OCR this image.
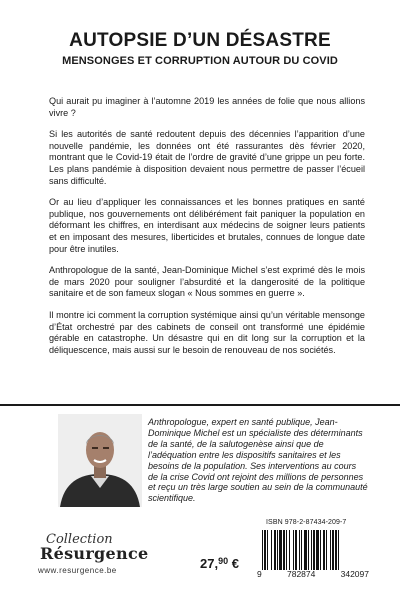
AUTOPSIE D’UN DÉSASTRE
MENSONGES ET CORRUPTION AUTOUR DU COVID

Qui aurait pu imaginer à l’automne 2019 les années de folie que nous allions vivre ?

Si les autorités de santé redoutent depuis des décennies l’apparition d’une nouvelle pandémie, les données ont été rassurantes dès février 2020, montrant que le Covid-19 était de l’ordre de gravité d’une grippe un peu forte. Les plans pandémie à disposition devaient nous permettre de passer l’écueil sans difficulté.

Or au lieu d’appliquer les connaissances et les bonnes pratiques en santé publique, nos gouvernements ont délibérément fait paniquer la population en déformant les chiffres, en interdisant aux médecins de soigner leurs patients et en imposant des mesures, liberticides et brutales, connues de longue date pour être inutiles.

Anthropologue de la santé, Jean-Dominique Michel s’est exprimé dès le mois de mars 2020 pour souligner l’absurdité et la dangerosité de la politique sanitaire et de son fameux slogan « Nous sommes en guerre ».

Il montre ici comment la corruption systémique ainsi qu’un véritable mensonge d’État orchestré par des cabinets de conseil ont transformé une épidémie gérable en catastrophe. Un désastre qui en dit long sur la corruption et la déliquescence, mais aussi sur le besoin de renouveau de nos sociétés.

Anthropologue, expert en santé publique, Jean-Dominique Michel est un spécialiste des déterminants de la santé, de la salutogenèse ainsi que de l’adéquation entre les dispositifs sanitaires et les besoins de la population. Ses interventions au cours de la crise Covid ont rejoint des millions de personnes et reçu un très large soutien au sein de la communauté scientifique.

Collection
Résurgence
www.resurgence.be	27,90 €
ISBN 978-2-87434-209-7
9	782874	342097
